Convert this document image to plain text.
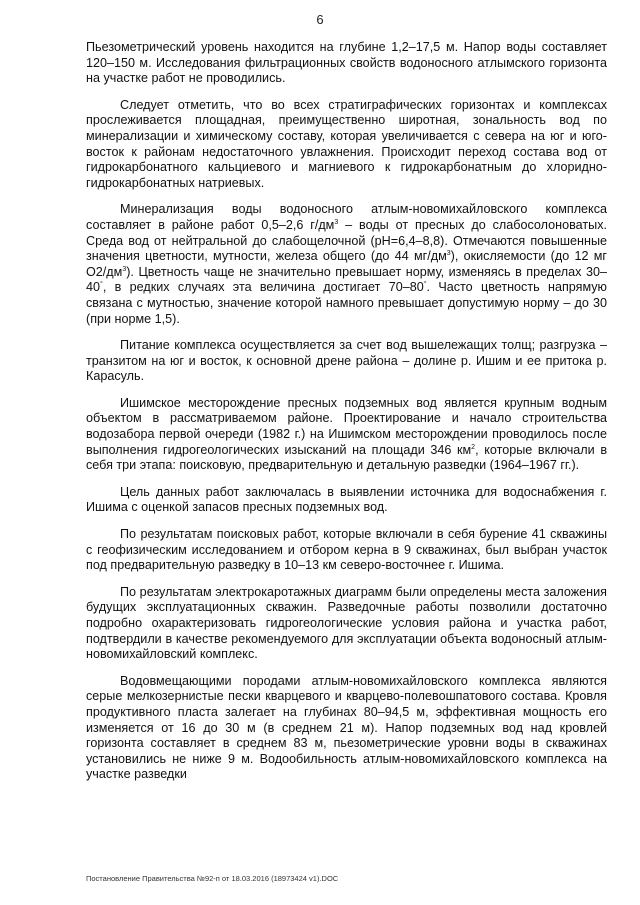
6

Пьезометрический уровень находится на глубине 1,2–17,5 м. Напор воды составляет 120–150 м. Исследования фильтрационных свойств водоносного атлымского горизонта на участке работ не проводились.

Следует отметить, что во всех стратиграфических горизонтах и комплексах прослеживается площадная, преимущественно широтная, зональность вод по минерализации и химическому составу, которая увеличивается с севера на юг и юго-восток к районам недостаточного увлажнения. Происходит переход состава вод от гидрокарбонатного кальциевого и магниевого к гидрокарбонатным до хлоридно-гидрокарбонатных натриевых.

Минерализация воды водоносного атлым-новомихайловского комплекса составляет в районе работ 0,5–2,6 $г/дм^3$ – воды от пресных до слабосолоноватых. Среда вод от нейтральной до слабощелочной (pH=6,4–8,8). Отмечаются повышенные значения цветности, мутности, железа общего (до 44 $мг/дм^3$), окисляемости (до 12 мг $О2/дм^3$). Цветность чаще не значительно превышает норму, изменяясь в пределах 30–40°, в редких случаях эта величина достигает 70–80°. Часто цветность напрямую связана с мутностью, значение которой намного превышает допустимую норму – до 30 (при норме 1,5).

Питание комплекса осуществляется за счет вод вышележащих толщ; разгрузка – транзитом на юг и восток, к основной дрене района – долине р. Ишим и ее притока р. Карасуль.

Ишимское месторождение пресных подземных вод является крупным водным объектом в рассматриваемом районе. Проектирование и начало строительства водозабора первой очереди (1982 г.) на Ишимском месторождении проводилось после выполнения гидрогеологических изысканий на площади 346 $км^2$, которые включали в себя три этапа: поисковую, предварительную и детальную разведки (1964–1967 гг.).

Цель данных работ заключалась в выявлении источника для водоснабжения г. Ишима с оценкой запасов пресных подземных вод.

По результатам поисковых работ, которые включали в себя бурение 41 скважины с геофизическим исследованием и отбором керна в 9 скважинах, был выбран участок под предварительную разведку в 10–13 км северо-восточнее г. Ишима.

По результатам электрокаротажных диаграмм были определены места заложения будущих эксплуатационных скважин. Разведочные работы позволили достаточно подробно охарактеризовать гидрогеологические условия района и участка работ, подтвердили в качестве рекомендуемого для эксплуатации объекта водоносный атлым-новомихайловский комплекс.

Водовмещающими породами атлым-новомихайловского комплекса являются серые мелкозернистые пески кварцевого и кварцево-полевошпатового состава. Кровля продуктивного пласта залегает на глубинах 80–94,5 м, эффективная мощность его изменяется от 16 до 30 м (в среднем 21 м). Напор подземных вод над кровлей горизонта составляет в среднем 83 м, пьезометрические уровни воды в скважинах установились не ниже 9 м. Водообильность атлым-новомихайловского комплекса на участке разведки

Постановление Правительства №92-п от 18.03.2016 (18973424 v1).DOC
